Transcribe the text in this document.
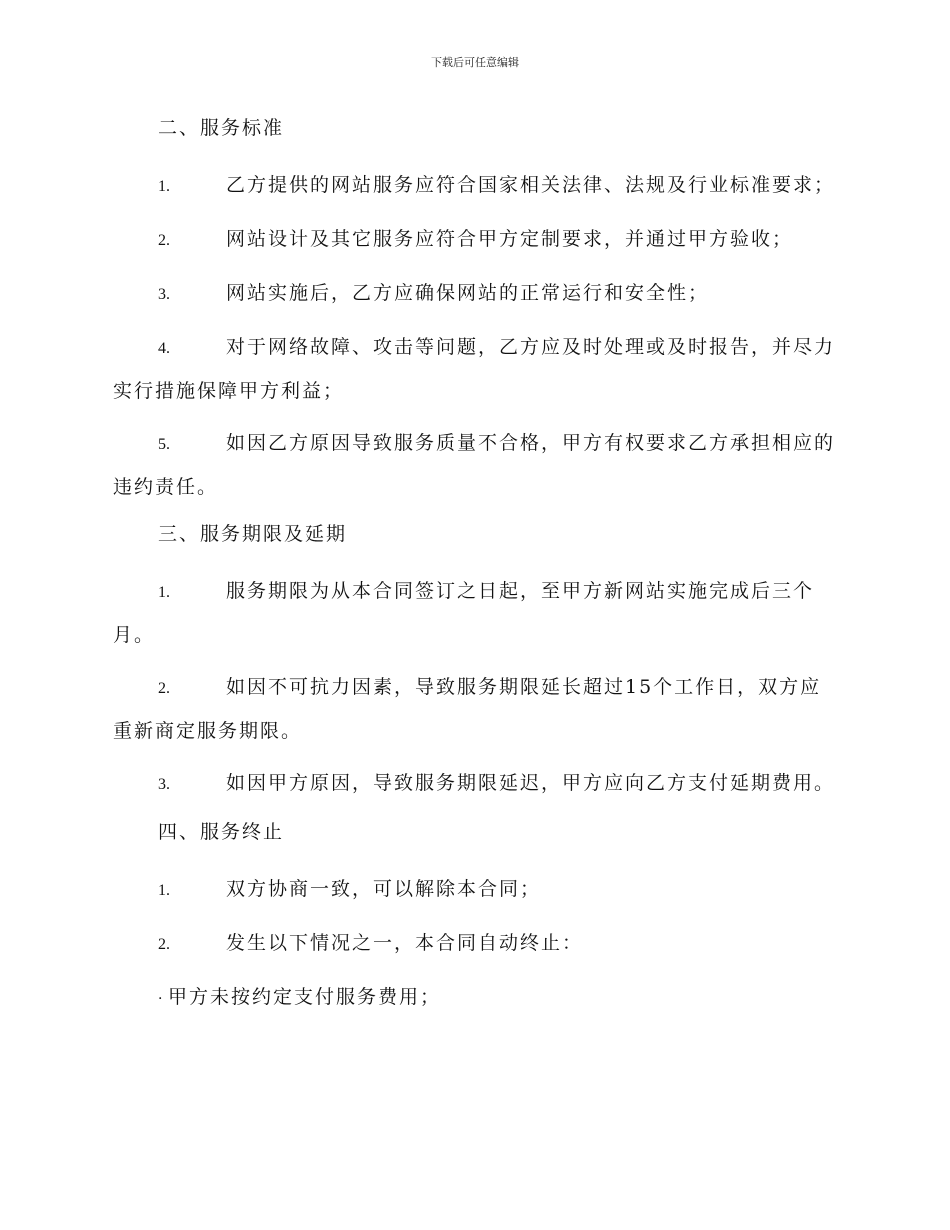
下载后可任意编辑
二、服务标准
1.	乙方提供的网站服务应符合国家相关法律、法规及行业标准要求；
2.	网站设计及其它服务应符合甲方定制要求，并通过甲方验收；
3.	网站实施后，乙方应确保网站的正常运行和安全性；
4.	对于网络故障、攻击等问题，乙方应及时处理或及时报告，并尽力实行措施保障甲方利益；
5.	如因乙方原因导致服务质量不合格，甲方有权要求乙方承担相应的违约责任。
三、服务期限及延期
1.	服务期限为从本合同签订之日起，至甲方新网站实施完成后三个月。
2.	如因不可抗力因素，导致服务期限延长超过15个工作日，双方应重新商定服务期限。
3.	如因甲方原因，导致服务期限延迟，甲方应向乙方支付延期费用。
四、服务终止
1.	双方协商一致，可以解除本合同；
2.	发生以下情况之一，本合同自动终止：
· 甲方未按约定支付服务费用；
